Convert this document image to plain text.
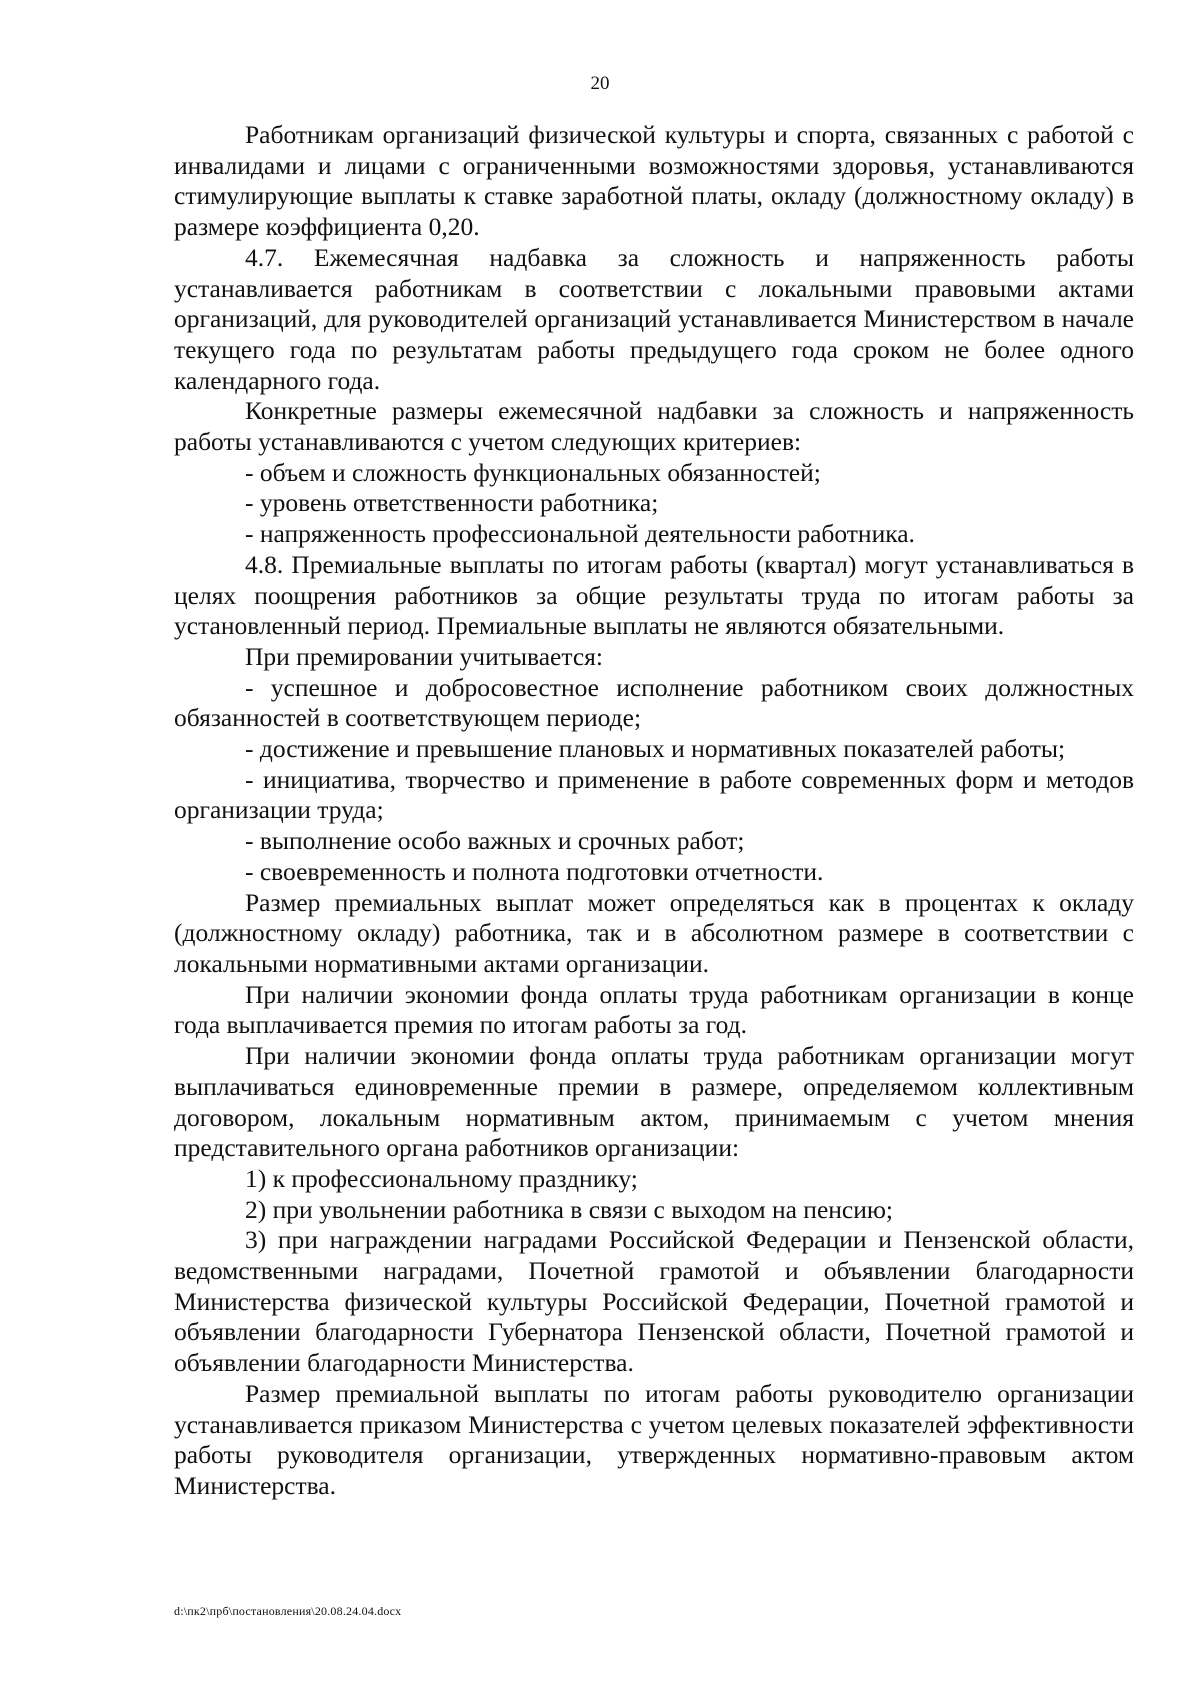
20

Работникам организаций физической культуры и спорта, связанных с работой с инвалидами и лицами с ограниченными возможностями здоровья, устанавливаются стимулирующие выплаты к ставке заработной платы, окладу (должностному окладу) в размере коэффициента 0,20.

4.7. Ежемесячная надбавка за сложность и напряженность работы устанавливается работникам в соответствии с локальными правовыми актами организаций, для руководителей организаций устанавливается Министерством в начале текущего года по результатам работы предыдущего года сроком не более одного календарного года.

Конкретные размеры ежемесячной надбавки за сложность и напряженность работы устанавливаются с учетом следующих критериев:

- объем и сложность функциональных обязанностей;

- уровень ответственности работника;

- напряженность профессиональной деятельности работника.

4.8. Премиальные выплаты по итогам работы (квартал) могут устанавливаться в целях поощрения работников за общие результаты труда по итогам работы за установленный период. Премиальные выплаты не являются обязательными.

При премировании учитывается:

- успешное и добросовестное исполнение работником своих должностных обязанностей в соответствующем периоде;

- достижение и превышение плановых и нормативных показателей работы;

- инициатива, творчество и применение в работе современных форм и методов организации труда;

- выполнение особо важных и срочных работ;

- своевременность и полнота подготовки отчетности.

Размер премиальных выплат может определяться как в процентах к окладу (должностному окладу) работника, так и в абсолютном размере в соответствии с локальными нормативными актами организации.

При наличии экономии фонда оплаты труда работникам организации в конце года выплачивается премия по итогам работы за год.

При наличии экономии фонда оплаты труда работникам организации могут выплачиваться единовременные премии в размере, определяемом коллективным договором, локальным нормативным актом, принимаемым с учетом мнения представительного органа работников организации:

1) к профессиональному празднику;

2) при увольнении работника в связи с выходом на пенсию;

3) при награждении наградами Российской Федерации и Пензенской области, ведомственными наградами, Почетной грамотой и объявлении благодарности Министерства физической культуры Российской Федерации, Почетной грамотой и объявлении благодарности Губернатора Пензенской области, Почетной грамотой и объявлении благодарности Министерства.

Размер премиальной выплаты по итогам работы руководителю организации устанавливается приказом Министерства с учетом целевых показателей эффективности работы руководителя организации, утвержденных нормативно-правовым актом Министерства.

d:\пк2\прб\постановления\20.08.24.04.docx
